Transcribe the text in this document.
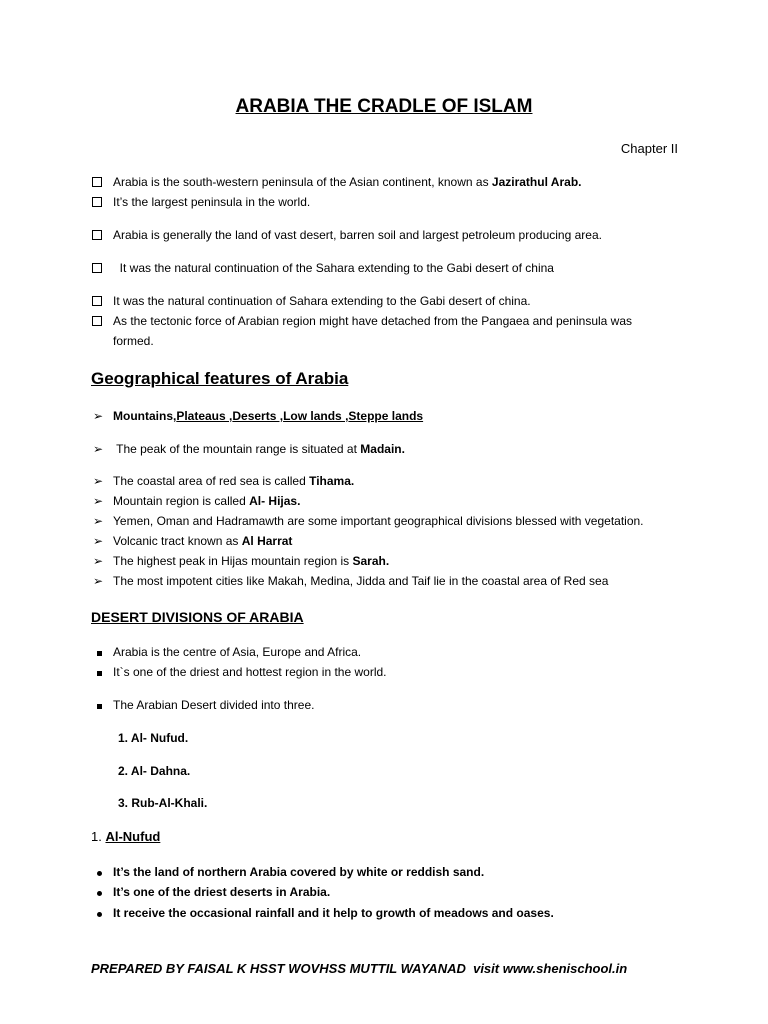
ARABIA THE CRADLE OF ISLAM
Chapter II
Arabia is the south-western peninsula of the Asian continent, known as Jazirathul Arab.
It’s the largest peninsula in the world.
Arabia is generally the land of vast desert, barren soil and largest petroleum producing area.
It was the natural continuation of the Sahara extending to the Gabi desert of china
It was the natural continuation of Sahara extending to the Gabi desert of china.
As the tectonic force of Arabian region might have detached from the Pangaea and peninsula was
formed.
Geographical features of Arabia
➢ Mountains,Plateaus ,Deserts ,Low lands ,Steppe lands
➢ The peak of the mountain range is situated at Madain.
➢ The coastal area of red sea is called Tihama.
➢ Mountain region is called Al- Hijas.
➢ Yemen, Oman and Hadramawth are some important geographical divisions blessed with vegetation.
➢ Volcanic tract known as Al Harrat
➢ The highest peak in Hijas mountain region is Sarah.
➢ The most impotent cities like Makah, Medina, Jidda and Taif lie in the coastal area of Red sea
DESERT DIVISIONS OF ARABIA
Arabia is the centre of Asia, Europe and Africa.
It`s one of the driest and hottest region in the world.
The Arabian Desert divided into three.
1. Al- Nufud.
2. Al- Dahna.
3. Rub-Al-Khali.
1. Al-Nufud
It’s the land of northern Arabia covered by white or reddish sand.
It’s one of the driest deserts in Arabia.
It receive the occasional rainfall and it help to growth of meadows and oases.
PREPARED BY FAISAL K HSST WOVHSS MUTTIL WAYANAD  visit www.shenischool.in
